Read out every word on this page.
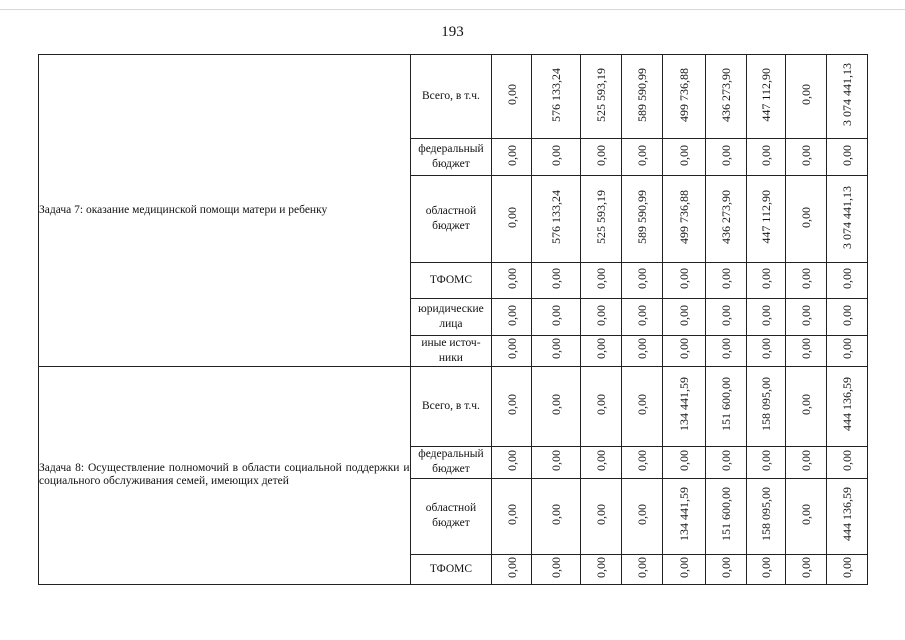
193
Задача 7: оказание медицинской помощи матери и ребенку	Всего, в т.ч.	0,00	576 133,24	525 593,19	589 590,99	499 736,88	436 273,90	447 112,90	0,00	3 074 441,13
	федеральный бюджет	0,00	0,00	0,00	0,00	0,00	0,00	0,00	0,00	0,00
	областной бюджет	0,00	576 133,24	525 593,19	589 590,99	499 736,88	436 273,90	447 112,90	0,00	3 074 441,13
	ТФОМС	0,00	0,00	0,00	0,00	0,00	0,00	0,00	0,00	0,00
	юридические лица	0,00	0,00	0,00	0,00	0,00	0,00	0,00	0,00	0,00
	иные источ-ники	0,00	0,00	0,00	0,00	0,00	0,00	0,00	0,00	0,00
Задача 8: Осуществление полномочий в области социальной поддержки и социального обслуживания семей, имеющих детей	Всего, в т.ч.	0,00	0,00	0,00	0,00	134 441,59	151 600,00	158 095,00	0,00	444 136,59
	федеральный бюджет	0,00	0,00	0,00	0,00	0,00	0,00	0,00	0,00	0,00
	областной бюджет	0,00	0,00	0,00	0,00	134 441,59	151 600,00	158 095,00	0,00	444 136,59
	ТФОМС	0,00	0,00	0,00	0,00	0,00	0,00	0,00	0,00	0,00
